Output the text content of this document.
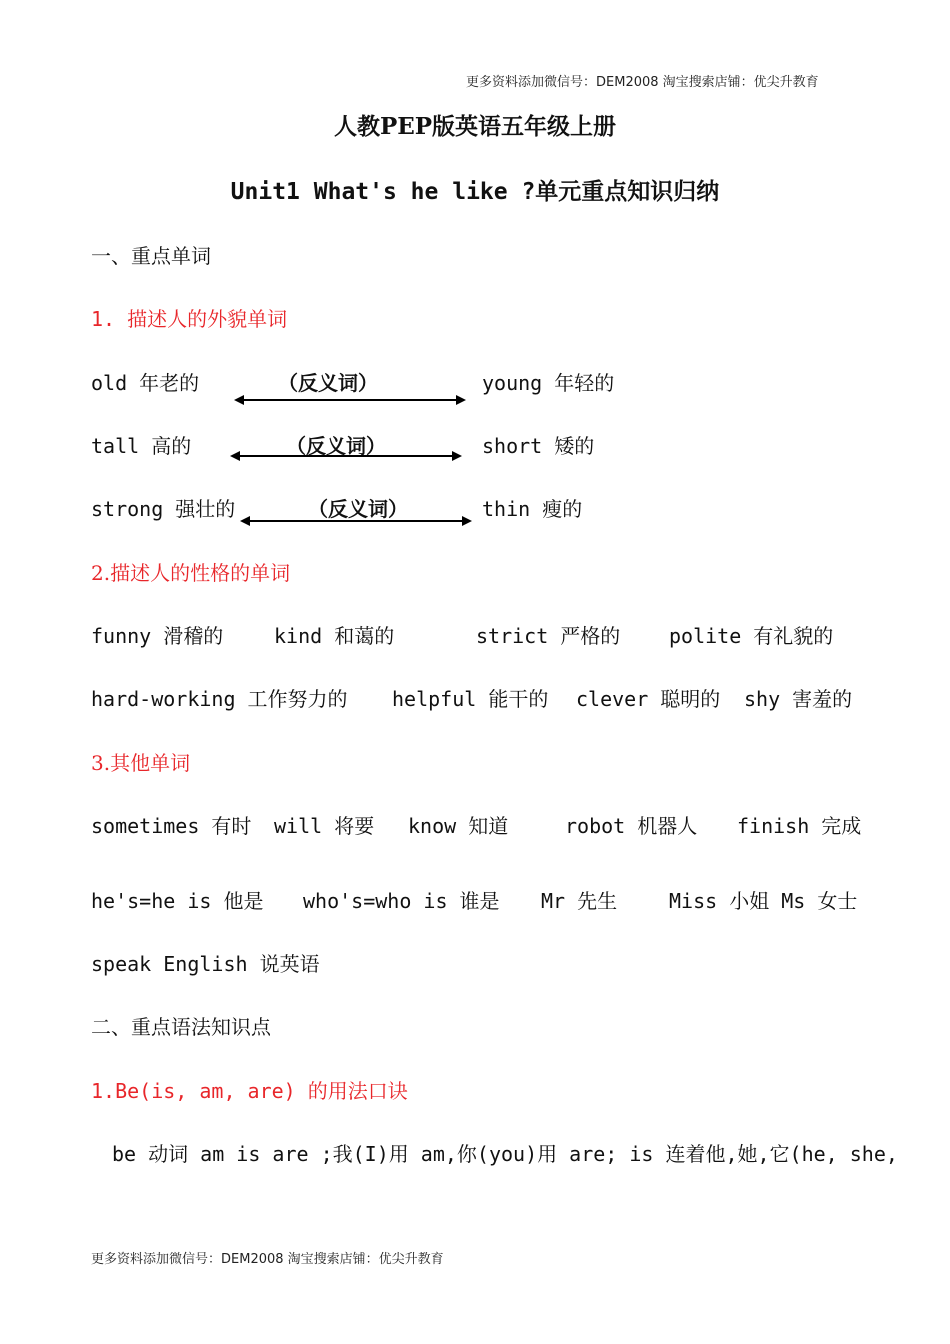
更多资料添加微信号：DEM2008 淘宝搜索店铺：优尖升教育
人教PEP版英语五年级上册
Unit1 What's he like ?单元重点知识归纳
一、重点单词
1. 描述人的外貌单词
old 年老的	（反义词）	young 年轻的
tall 高的	（反义词）	short 矮的
strong 强壮的	（反义词）	thin 瘦的
2.描述人的性格的单词
funny 滑稽的	kind 和蔼的	strict 严格的 polite 有礼貌的
hard-working 工作努力的 helpful 能干的 clever 聪明的 shy 害羞的
3.其他单词
sometimes 有时 will 将要 know 知道	robot 机器人 finish 完成
he's=he is 他是 who's=who is 谁是 Mr 先生	Miss 小姐 Ms 女士
speak English 说英语
二、重点语法知识点
1.Be(is, am, are) 的用法口诀
be 动词 am is are ;我(I)用 am,你(you)用 are; is 连着他,她,它(he, she,
更多资料添加微信号：DEM2008 淘宝搜索店铺：优尖升教育
